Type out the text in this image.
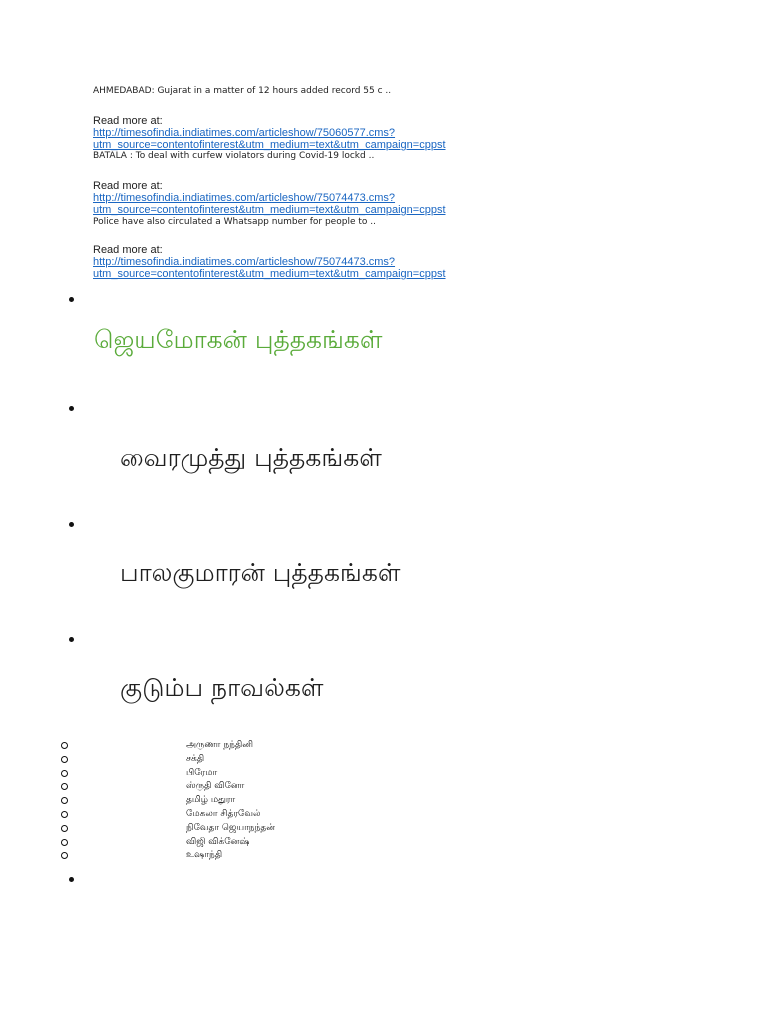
AHMEDABAD: Gujarat in a matter of 12 hours added record 55 c ..
Read more at:
http://timesofindia.indiatimes.com/articleshow/75060577.cms?
utm_source=contentofinterest&utm_medium=text&utm_campaign=cppst
BATALA : To deal with curfew violators during Covid-19 lockd ..
Read more at:
http://timesofindia.indiatimes.com/articleshow/75074473.cms?
utm_source=contentofinterest&utm_medium=text&utm_campaign=cppst
Police have also circulated a Whatsapp number for people to ..
Read more at:
http://timesofindia.indiatimes.com/articleshow/75074473.cms?
utm_source=contentofinterest&utm_medium=text&utm_campaign=cppst
ஜெயமோகன் புத்தகங்கள்
வைரமுத்து புத்தகங்கள்
பாலகுமாரன் புத்தகங்கள்
குடும்ப நாவல்கள்
அருணா நந்தினி
சக்தி
பிரேமா
ஸ்ருதி வினோ
தமிழ் மதுரா
மேகலா சித்ரவேல்
நிவேதா ஜெயாநந்தன்
விஜி விக்னேஷ்
உஷாந்தி
